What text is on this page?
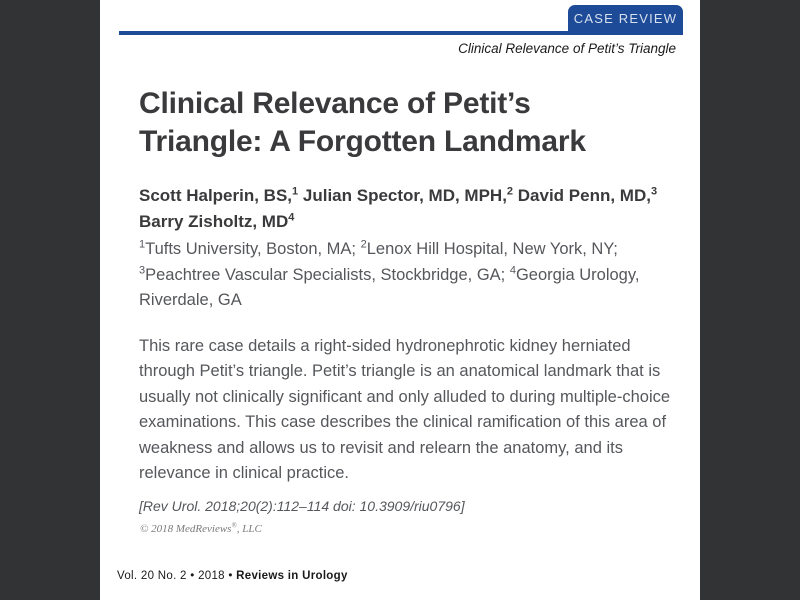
CASE REVIEW
Clinical Relevance of Petit’s Triangle
Clinical Relevance of Petit’s
Triangle: A Forgotten Landmark

Scott Halperin, BS,$^1$ Julian Spector, MD, MPH,$^2$ David Penn, MD,$^3$ Barry Zisholtz, $MD^4$

$^1$Tufts University, Boston, MA; $^2$Lenox Hill Hospital, New York, NY; $^3$Peachtree Vascular Specialists, Stockbridge, GA; $^4$Georgia Urology, Riverdale, GA

This rare case details a right-sided hydronephrotic kidney herniated through Petit’s triangle. Petit’s triangle is an anatomical landmark that is usually not clinically significant and only alluded to during multiple-choice examinations. This case describes the clinical ramification of this area of weakness and allows us to revisit and relearn the anatomy, and its relevance in clinical practice.

[Rev Urol. 2018;20(2):112–114 doi: 10.3909/riu0796]

© 2018 MedReviews®, LLC

Vol. 20 No. 2 • 2018 • Reviews in Urology
